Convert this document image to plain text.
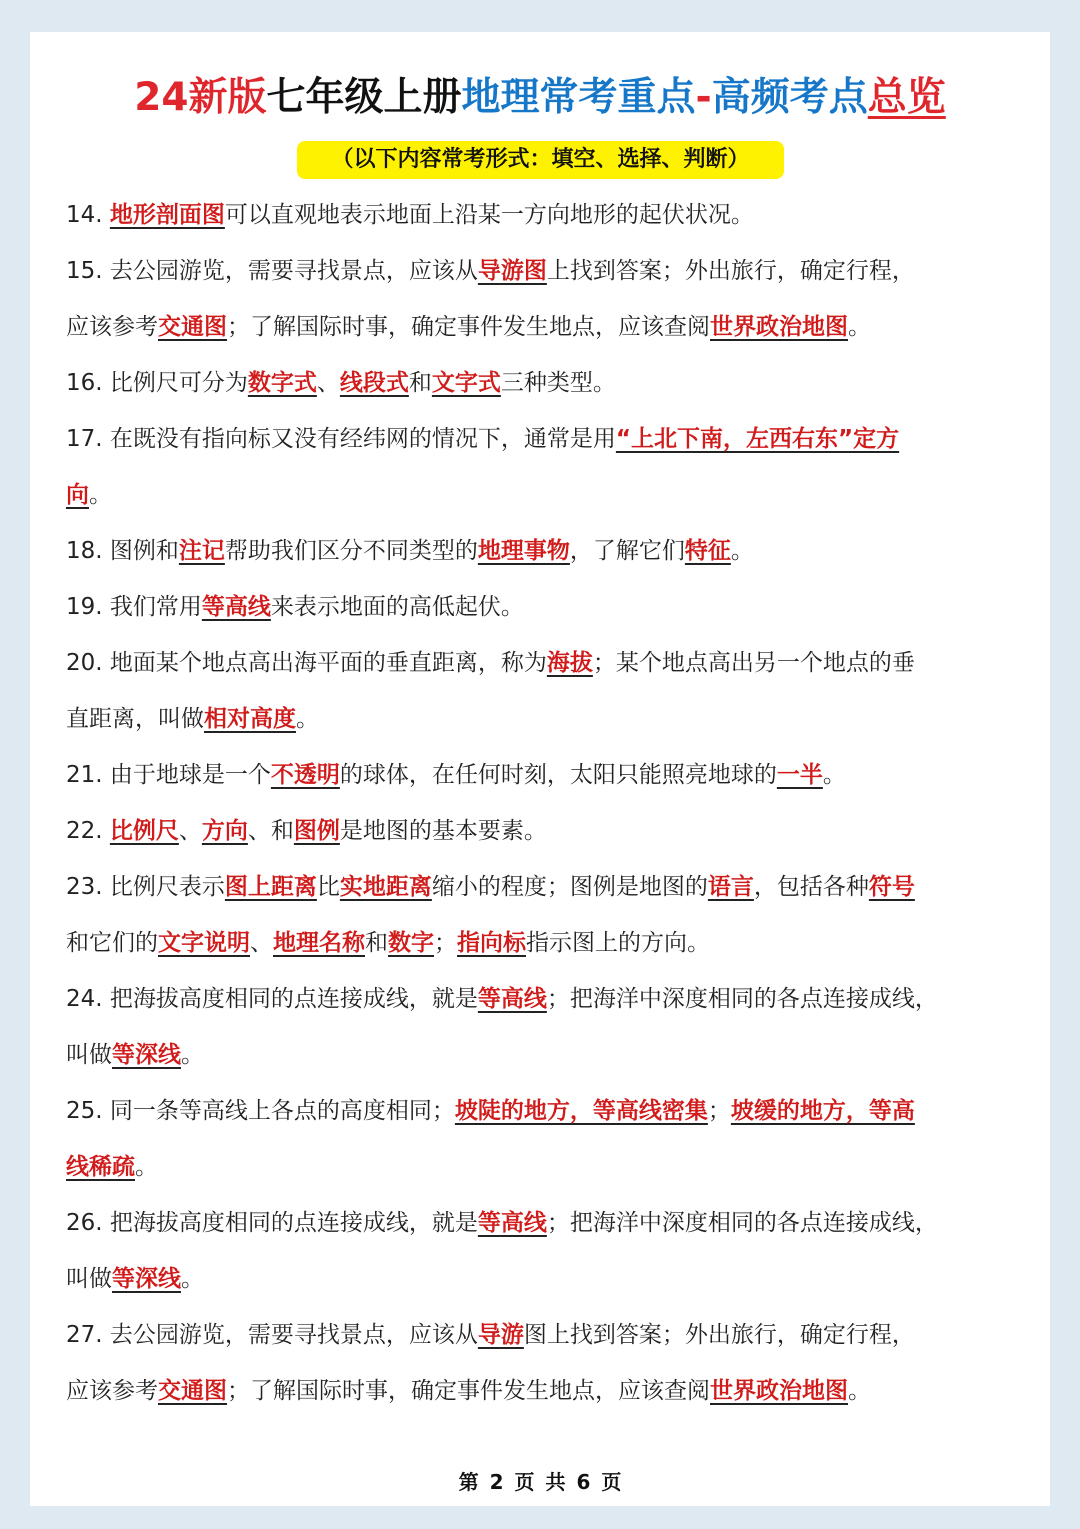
24新版七年级上册地理常考重点-高频考点总览
（以下内容常考形式：填空、选择、判断）
14. 地形剖面图可以直观地表示地面上沿某一方向地形的起伏状况。
15. 去公园游览，需要寻找景点，应该从导游图上找到答案；外出旅行，确定行程，
应该参考交通图；了解国际时事，确定事件发生地点，应该查阅世界政治地图。
16. 比例尺可分为数字式、线段式和文字式三种类型。
17. 在既没有指向标又没有经纬网的情况下，通常是用“上北下南，左西右东”定方
向。
18. 图例和注记帮助我们区分不同类型的地理事物，了解它们特征。
19. 我们常用等高线来表示地面的高低起伏。
20. 地面某个地点高出海平面的垂直距离，称为海拔；某个地点高出另一个地点的垂
直距离，叫做相对高度。
21. 由于地球是一个不透明的球体，在任何时刻，太阳只能照亮地球的一半。
22. 比例尺、方向、和图例是地图的基本要素。
23. 比例尺表示图上距离比实地距离缩小的程度；图例是地图的语言，包括各种符号
和它们的文字说明、地理名称和数字；指向标指示图上的方向。
24. 把海拔高度相同的点连接成线，就是等高线；把海洋中深度相同的各点连接成线，
叫做等深线。
25. 同一条等高线上各点的高度相同；坡陡的地方，等高线密集；坡缓的地方，等高
线稀疏。
26. 把海拔高度相同的点连接成线，就是等高线；把海洋中深度相同的各点连接成线，
叫做等深线。
27. 去公园游览，需要寻找景点，应该从导游图上找到答案；外出旅行，确定行程，
应该参考交通图；了解国际时事，确定事件发生地点，应该查阅世界政治地图。
第 2 页 共 6 页
